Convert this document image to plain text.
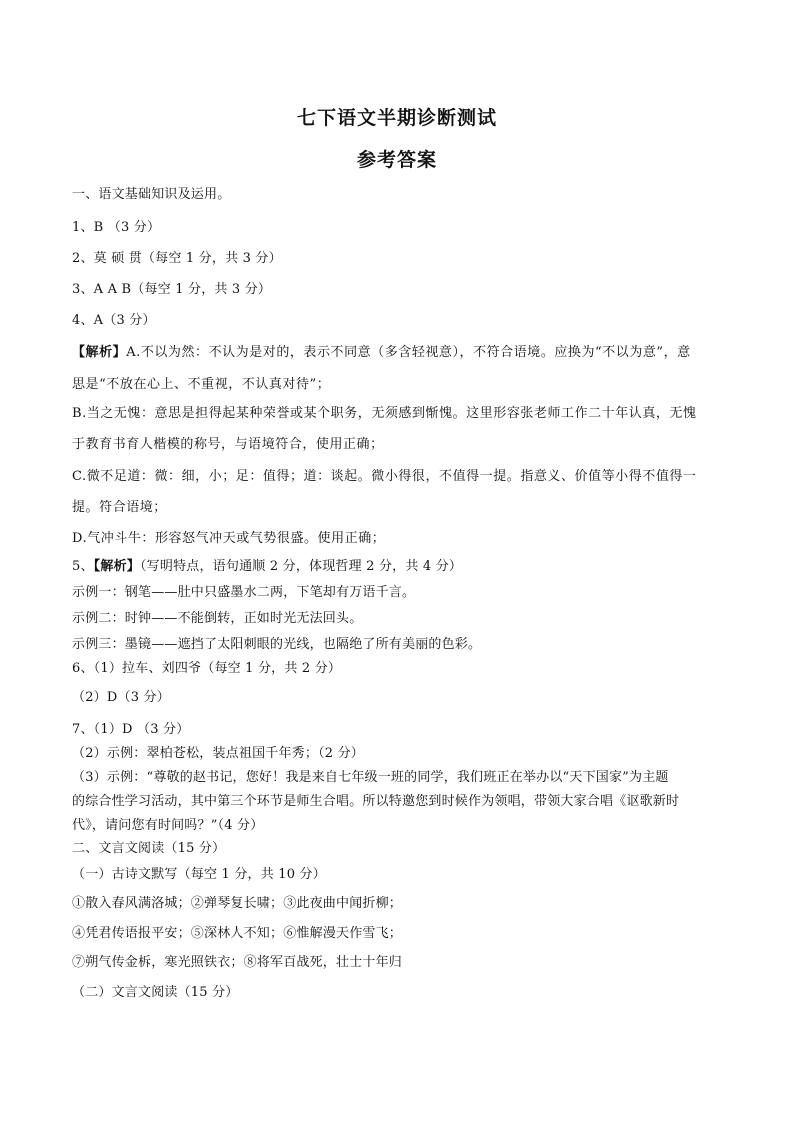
七下语文半期诊断测试
参考答案
一、语文基础知识及运用。
1、B （3 分）
2、莫 硕 贯（每空 1 分，共 3 分）
3、A A B（每空 1 分，共 3 分）
4、A（3 分）
【解析】A.不以为然：不认为是对的，表示不同意（多含轻视意），不符合语境。应换为“不以为意”，意
思是“不放在心上、不重视，不认真对待”；
B.当之无愧：意思是担得起某种荣誉或某个职务，无须感到惭愧。这里形容张老师工作二十年认真，无愧
于教育书育人楷模的称号，与语境符合，使用正确；
C.微不足道：微：细，小；足：值得；道：谈起。微小得很，不值得一提。指意义、价值等小得不值得一
提。符合语境；
D.气冲斗牛：形容怒气冲天或气势很盛。使用正确；
5、【解析】（写明特点，语句通顺 2 分，体现哲理 2 分，共 4 分）
示例一：钢笔——肚中只盛墨水二两，下笔却有万语千言。
示例二：时钟——不能倒转，正如时光无法回头。
示例三：墨镜——遮挡了太阳刺眼的光线，也隔绝了所有美丽的色彩。
6、（1）拉车、刘四爷（每空 1 分，共 2 分）
（2）D（3 分）
7、（1）D （3 分）
（2）示例：翠柏苍松，装点祖国千年秀；（2 分）
（3）示例：“尊敬的赵书记，您好！我是来自七年级一班的同学，我们班正在举办以“天下国家”为主题
的综合性学习活动，其中第三个环节是师生合唱。所以特邀您到时候作为领唱，带领大家合唱《讴歌新时
代》，请问您有时间吗？”（4 分）
二、文言文阅读（15 分）
（一）古诗文默写（每空 1 分，共 10 分）
①散入春风满洛城；②弹琴复长啸；③此夜曲中闻折柳；
④凭君传语报平安；⑤深林人不知；⑥惟解漫天作雪飞；
⑦朔气传金柝，寒光照铁衣；⑧将军百战死，壮士十年归
（二）文言文阅读（15 分）
